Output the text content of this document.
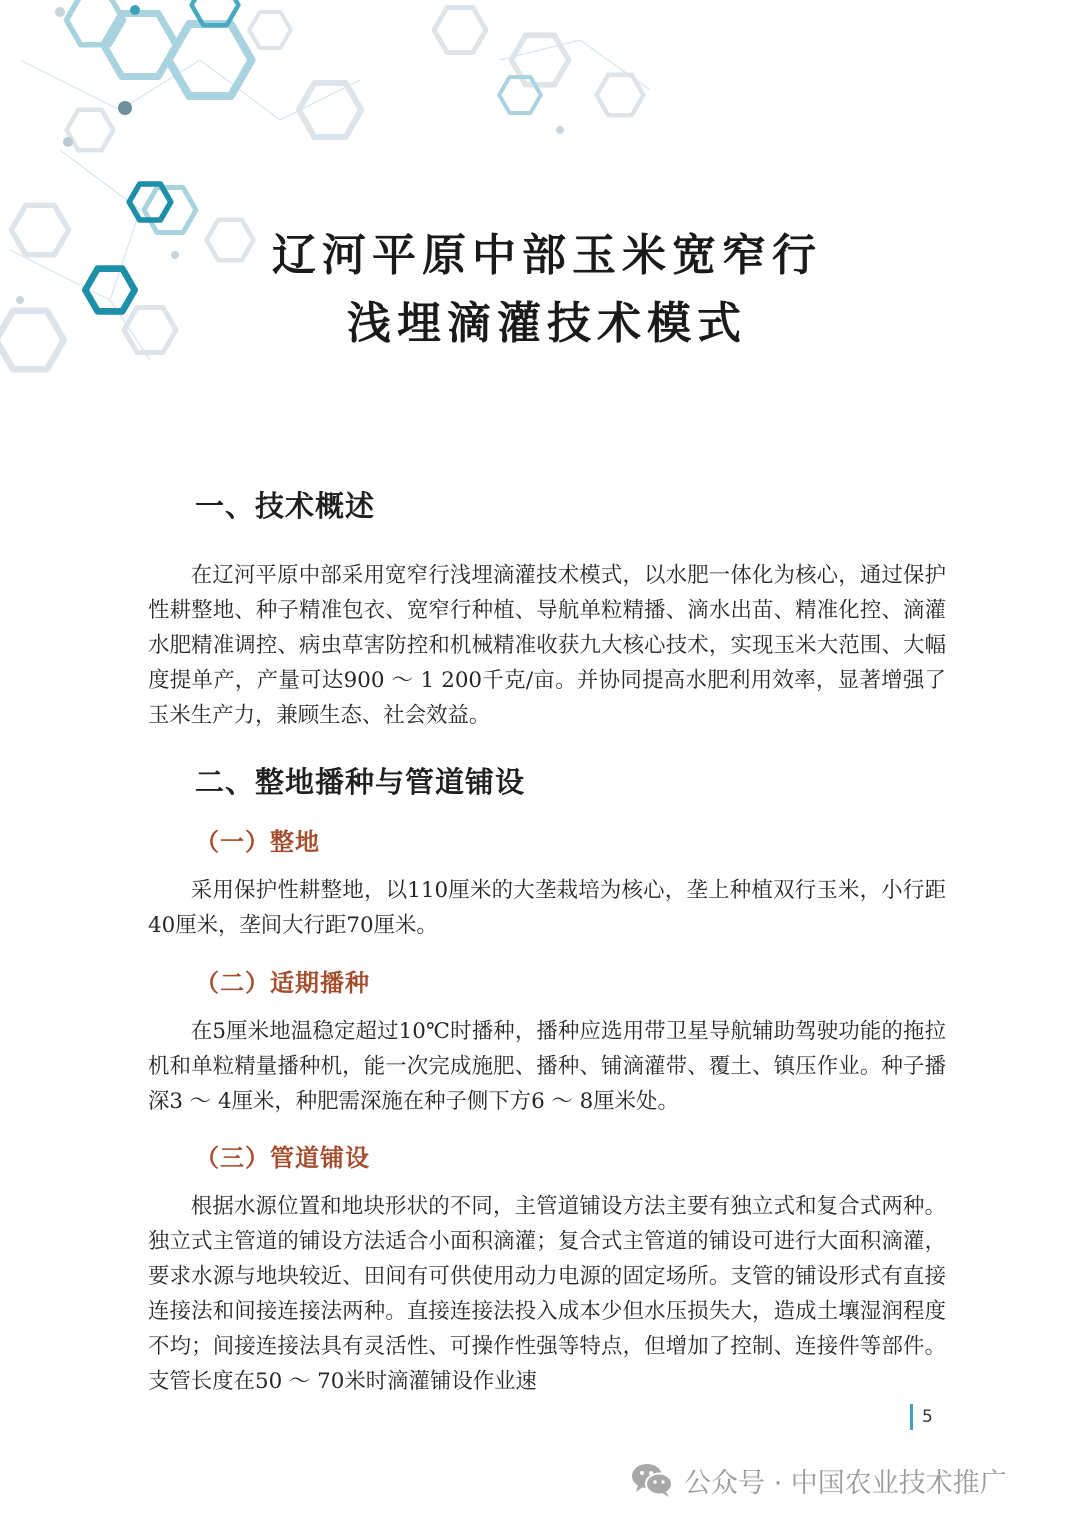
辽河平原中部玉米宽窄行
浅埋滴灌技术模式
一、技术概述

在辽河平原中部采用宽窄行浅埋滴灌技术模式，以水肥一体化为核心，通过保护性耕整地、种子精准包衣、宽窄行种植、导航单粒精播、滴水出苗、精准化控、滴灌水肥精准调控、病虫草害防控和机械精准收获九大核心技术，实现玉米大范围、大幅度提单产，产量可达900 ～ 1 200千克/亩。并协同提高水肥利用效率，显著增强了玉米生产力，兼顾生态、社会效益。

二、整地播种与管道铺设
（一）整地

采用保护性耕整地，以110厘米的大垄栽培为核心，垄上种植双行玉米，小行距40厘米，垄间大行距70厘米。

（二）适期播种

在5厘米地温稳定超过10℃时播种，播种应选用带卫星导航辅助驾驶功能的拖拉机和单粒精量播种机，能一次完成施肥、播种、铺滴灌带、覆土、镇压作业。种子播深3 ～ 4厘米，种肥需深施在种子侧下方6 ～ 8厘米处。

（三）管道铺设

根据水源位置和地块形状的不同，主管道铺设方法主要有独立式和复合式两种。独立式主管道的铺设方法适合小面积滴灌；复合式主管道的铺设可进行大面积滴灌，要求水源与地块较近、田间有可供使用动力电源的固定场所。支管的铺设形式有直接连接法和间接连接法两种。直接连接法投入成本少但水压损失大，造成土壤湿润程度不均；间接连接法具有灵活性、可操作性强等特点，但增加了控制、连接件等部件。支管长度在50 ～ 70米时滴灌铺设作业速

5
公众号 · 中国农业技术推广
